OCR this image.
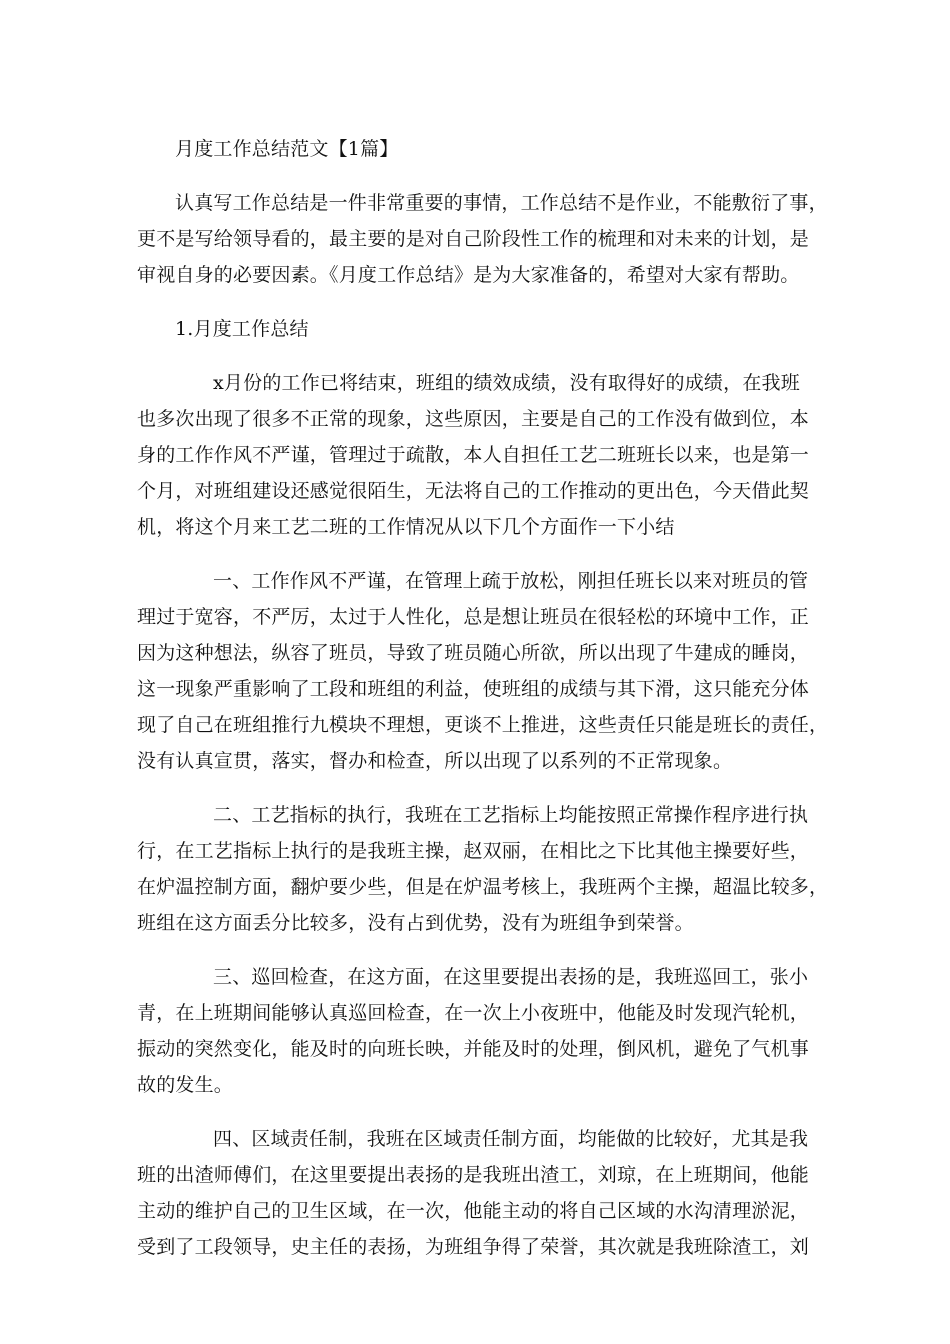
月度工作总结范文【1篇】
认真写工作总结是一件非常重要的事情，工作总结不是作业，不能敷衍了事，
更不是写给领导看的，最主要的是对自己阶段性工作的梳理和对未来的计划，是
审视自身的必要因素。《月度工作总结》是为大家准备的，希望对大家有帮助。
1.月度工作总结
x月份的工作已将结束，班组的绩效成绩，没有取得好的成绩，在我班
也多次出现了很多不正常的现象，这些原因，主要是自己的工作没有做到位，本
身的工作作风不严谨，管理过于疏散，本人自担任工艺二班班长以来，也是第一
个月，对班组建设还感觉很陌生，无法将自己的工作推动的更出色，今天借此契
机，将这个月来工艺二班的工作情况从以下几个方面作一下小结
一、工作作风不严谨，在管理上疏于放松，刚担任班长以来对班员的管
理过于宽容，不严厉，太过于人性化，总是想让班员在很轻松的环境中工作，正
因为这种想法，纵容了班员，导致了班员随心所欲，所以出现了牛建成的睡岗，
这一现象严重影响了工段和班组的利益，使班组的成绩与其下滑，这只能充分体
现了自己在班组推行九模块不理想，更谈不上推进，这些责任只能是班长的责任，
没有认真宣贯，落实，督办和检查，所以出现了以系列的不正常现象。
二、工艺指标的执行，我班在工艺指标上均能按照正常操作程序进行执
行，在工艺指标上执行的是我班主操，赵双丽，在相比之下比其他主操要好些，
在炉温控制方面，翻炉要少些，但是在炉温考核上，我班两个主操，超温比较多，
班组在这方面丢分比较多，没有占到优势，没有为班组争到荣誉。
三、巡回检查，在这方面，在这里要提出表扬的是，我班巡回工，张小
青，在上班期间能够认真巡回检查，在一次上小夜班中，他能及时发现汽轮机，
振动的突然变化，能及时的向班长映，并能及时的处理，倒风机，避免了气机事
故的发生。
四、区域责任制，我班在区域责任制方面，均能做的比较好，尤其是我
班的出渣师傅们，在这里要提出表扬的是我班出渣工，刘琼，在上班期间，他能
主动的维护自己的卫生区域，在一次，他能主动的将自己区域的水沟清理淤泥，
受到了工段领导，史主任的表扬，为班组争得了荣誉，其次就是我班除渣工，刘
